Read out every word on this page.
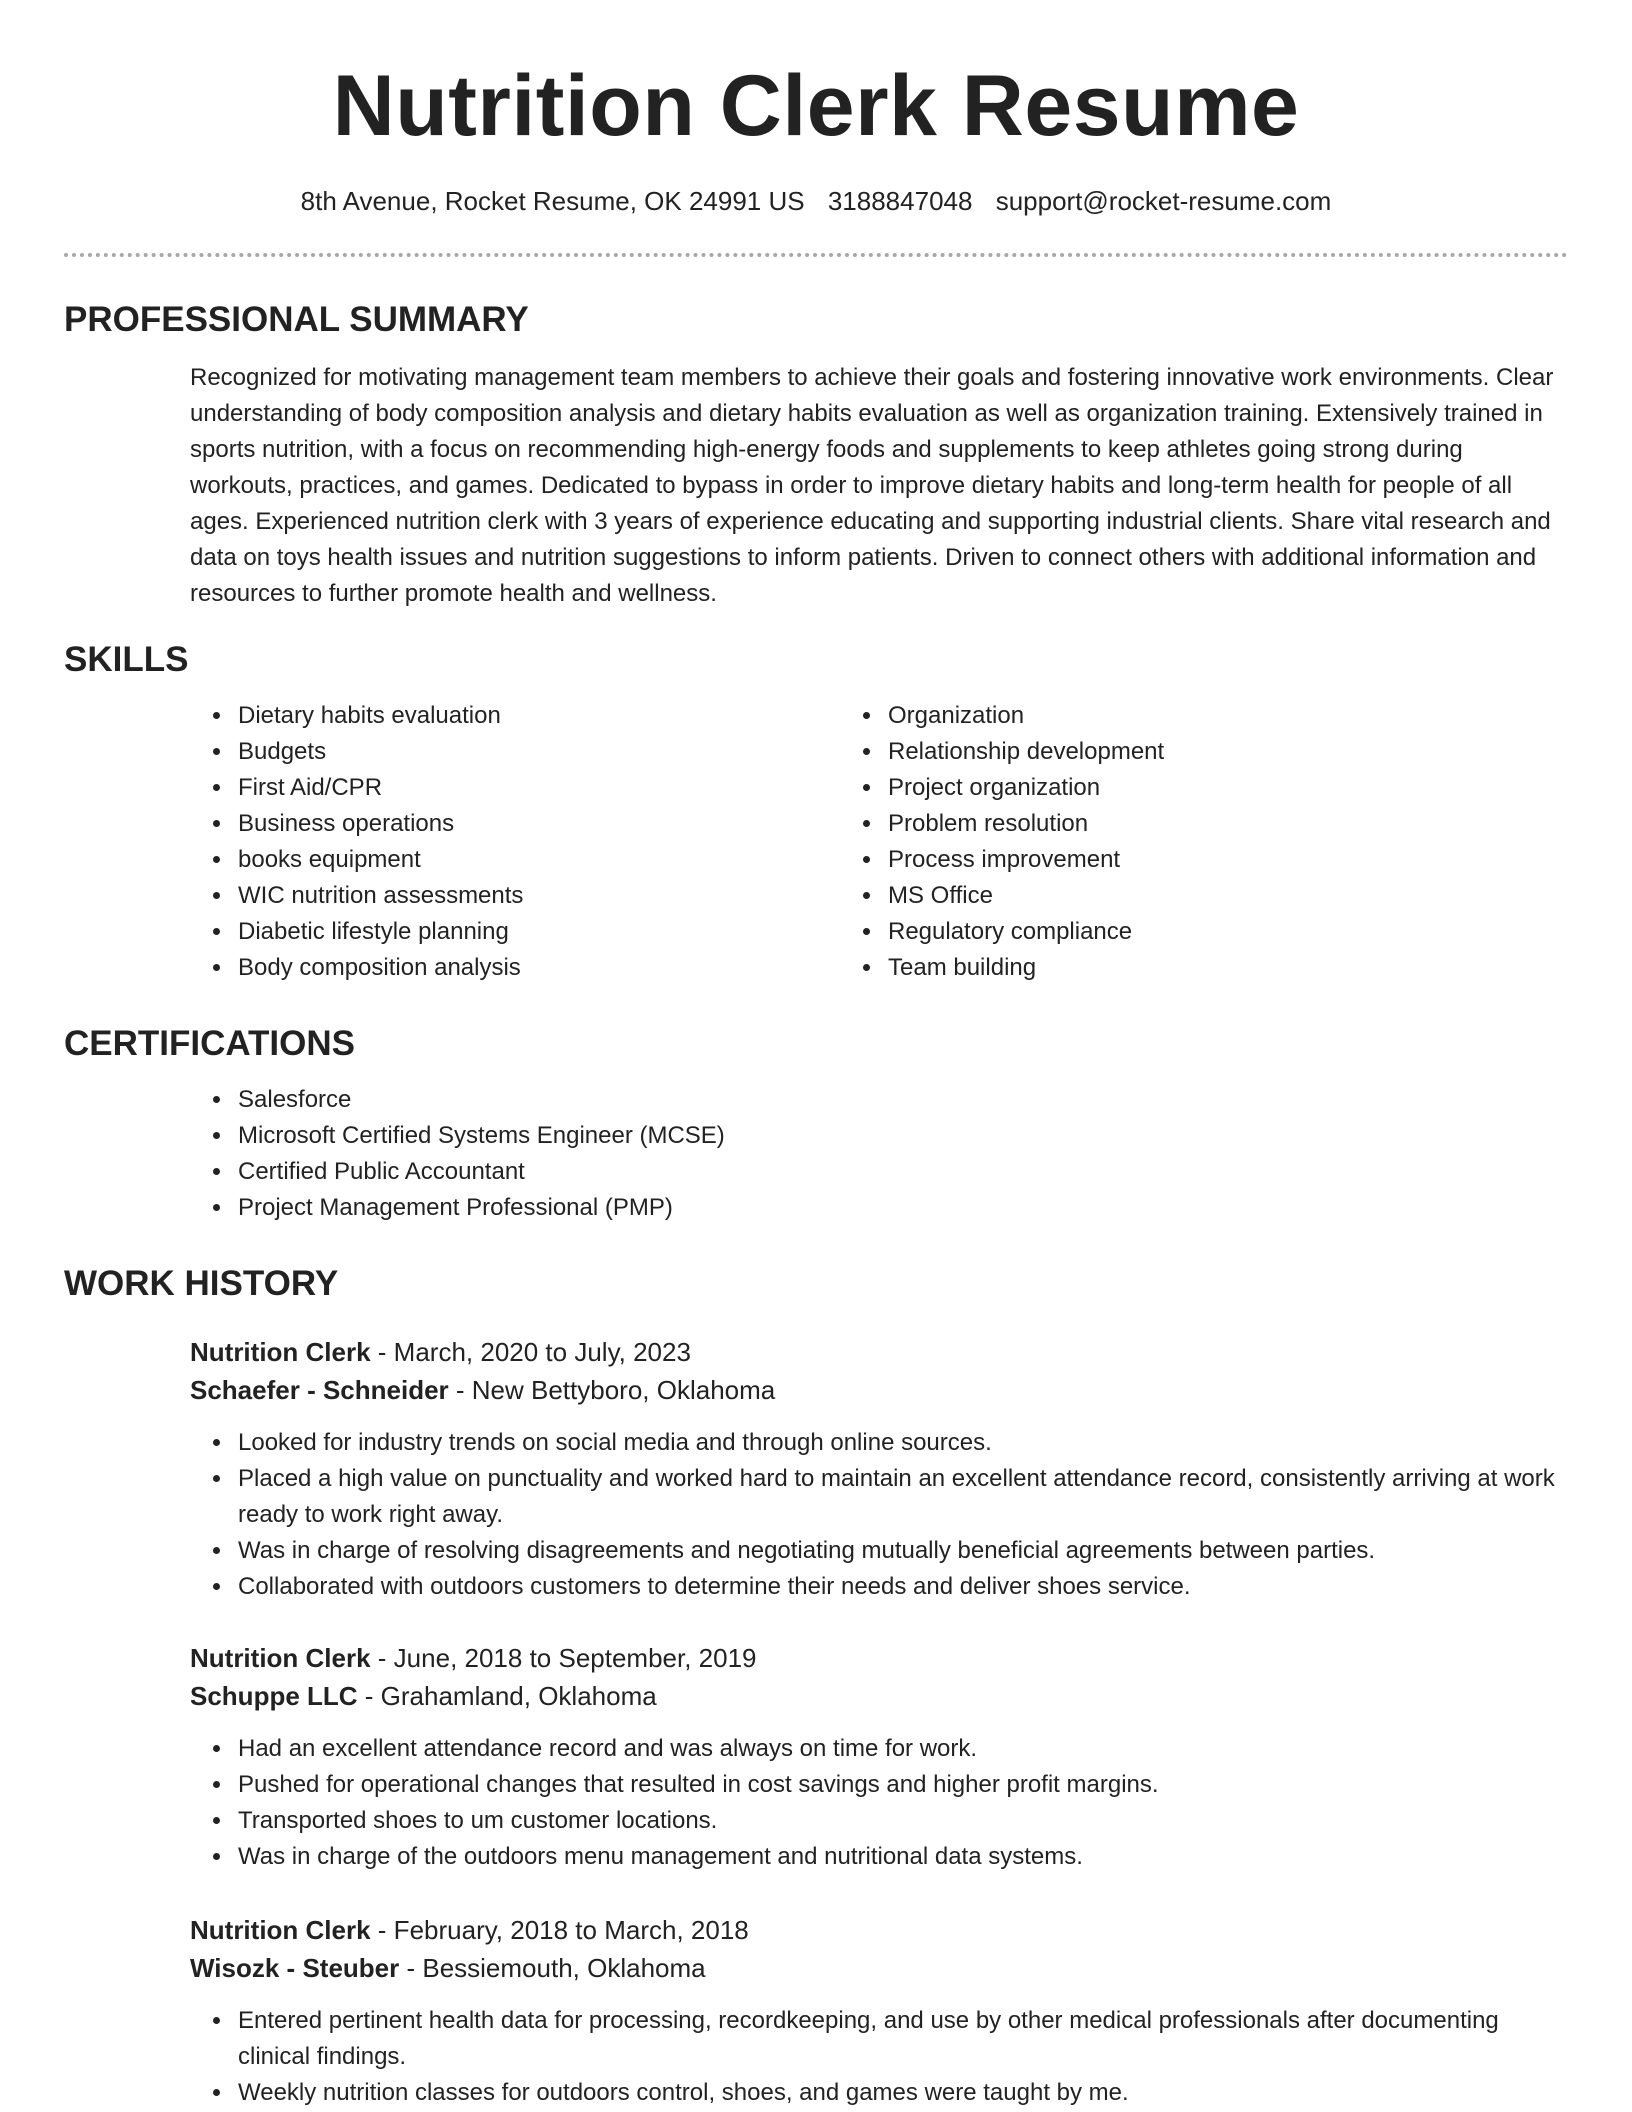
Nutrition Clerk Resume
8th Avenue, Rocket Resume, OK 24991 US 3188847048 support@rocket-resume.com
PROFESSIONAL SUMMARY
Recognized for motivating management team members to achieve their goals and fostering innovative work environments. Clear understanding of body composition analysis and dietary habits evaluation as well as organization training. Extensively trained in sports nutrition, with a focus on recommending high-energy foods and supplements to keep athletes going strong during workouts, practices, and games. Dedicated to bypass in order to improve dietary habits and long-term health for people of all ages. Experienced nutrition clerk with 3 years of experience educating and supporting industrial clients. Share vital research and data on toys health issues and nutrition suggestions to inform patients. Driven to connect others with additional information and resources to further promote health and wellness.
SKILLS
• Dietary habits evaluation
• Budgets
• First Aid/CPR
• Business operations
• books equipment
• WIC nutrition assessments
• Diabetic lifestyle planning
• Body composition analysis
• Organization
• Relationship development
• Project organization
• Problem resolution
• Process improvement
• MS Office
• Regulatory compliance
• Team building
CERTIFICATIONS
• Salesforce
• Microsoft Certified Systems Engineer (MCSE)
• Certified Public Accountant
• Project Management Professional (PMP)
WORK HISTORY
Nutrition Clerk - March, 2020 to July, 2023
Schaefer - Schneider - New Bettyboro, Oklahoma
• Looked for industry trends on social media and through online sources.
• Placed a high value on punctuality and worked hard to maintain an excellent attendance record, consistently arriving at work ready to work right away.
• Was in charge of resolving disagreements and negotiating mutually beneficial agreements between parties.
• Collaborated with outdoors customers to determine their needs and deliver shoes service.
Nutrition Clerk - June, 2018 to September, 2019
Schuppe LLC - Grahamland, Oklahoma
• Had an excellent attendance record and was always on time for work.
• Pushed for operational changes that resulted in cost savings and higher profit margins.
• Transported shoes to um customer locations.
• Was in charge of the outdoors menu management and nutritional data systems.
Nutrition Clerk - February, 2018 to March, 2018
Wisozk - Steuber - Bessiemouth, Oklahoma
• Entered pertinent health data for processing, recordkeeping, and use by other medical professionals after documenting clinical findings.
• Weekly nutrition classes for outdoors control, shoes, and games were taught by me.
